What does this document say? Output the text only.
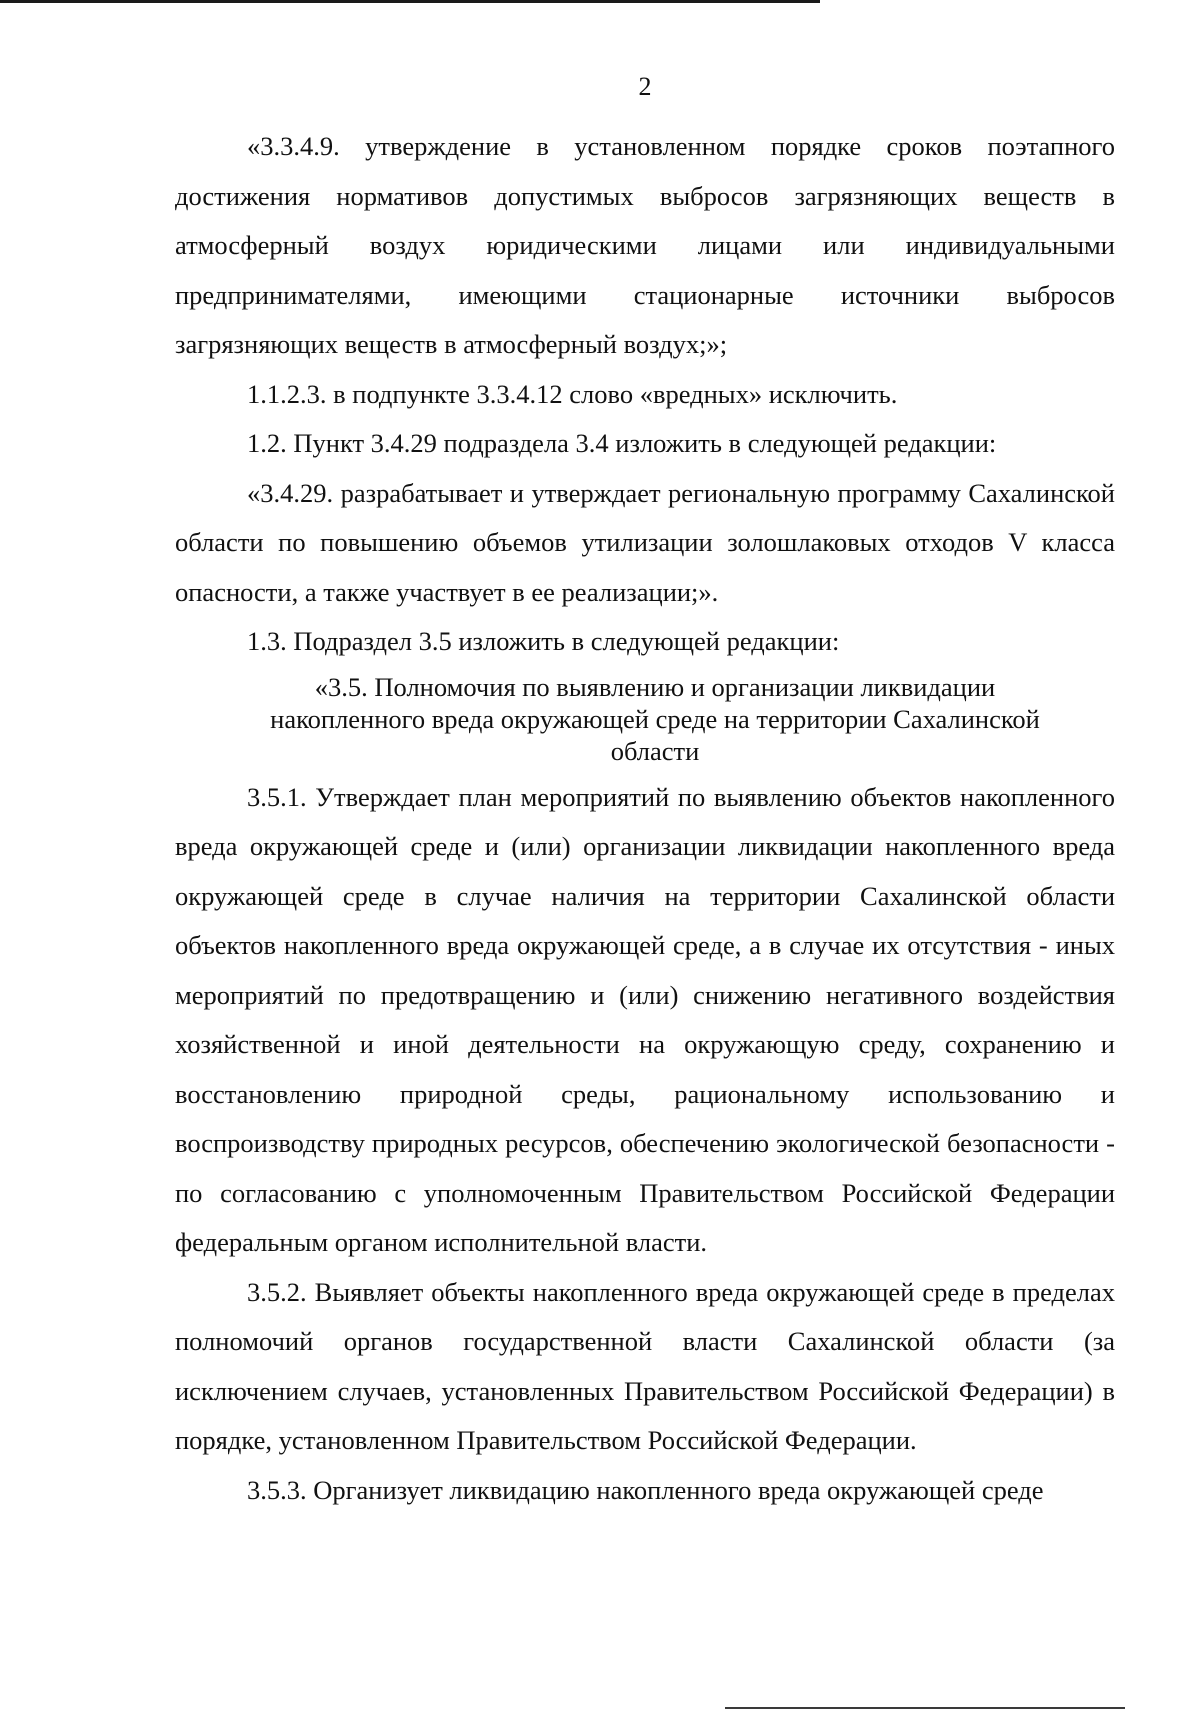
2

«3.3.4.9. утверждение в установленном порядке сроков поэтапного достижения нормативов допустимых выбросов загрязняющих веществ в атмосферный воздух юридическими лицами или индивидуальными предпринимателями, имеющими стационарные источники выбросов загрязняющих веществ в атмосферный воздух;»;

1.1.2.3. в подпункте 3.3.4.12 слово «вредных» исключить.

1.2. Пункт 3.4.29 подраздела 3.4 изложить в следующей редакции:

«3.4.29. разрабатывает и утверждает региональную программу Сахалинской области по повышению объемов утилизации золошлаковых отходов V класса опасности, а также участвует в ее реализации;».

1.3. Подраздел 3.5 изложить в следующей редакции:

«3.5. Полномочия по выявлению и организации ликвидации
накопленного вреда окружающей среде на территории Сахалинской
области

3.5.1. Утверждает план мероприятий по выявлению объектов накопленного вреда окружающей среде и (или) организации ликвидации накопленного вреда окружающей среде в случае наличия на территории Сахалинской области объектов накопленного вреда окружающей среде, а в случае их отсутствия - иных мероприятий по предотвращению и (или) снижению негативного воздействия хозяйственной и иной деятельности на окружающую среду, сохранению и восстановлению природной среды, рациональному использованию и воспроизводству природных ресурсов, обеспечению экологической безопасности - по согласованию с уполномоченным Правительством Российской Федерации федеральным органом исполнительной власти.

3.5.2. Выявляет объекты накопленного вреда окружающей среде в пределах полномочий органов государственной власти Сахалинской области (за исключением случаев, установленных Правительством Российской Федерации) в порядке, установленном Правительством Российской Федерации.

3.5.3. Организует ликвидацию накопленного вреда окружающей среде
